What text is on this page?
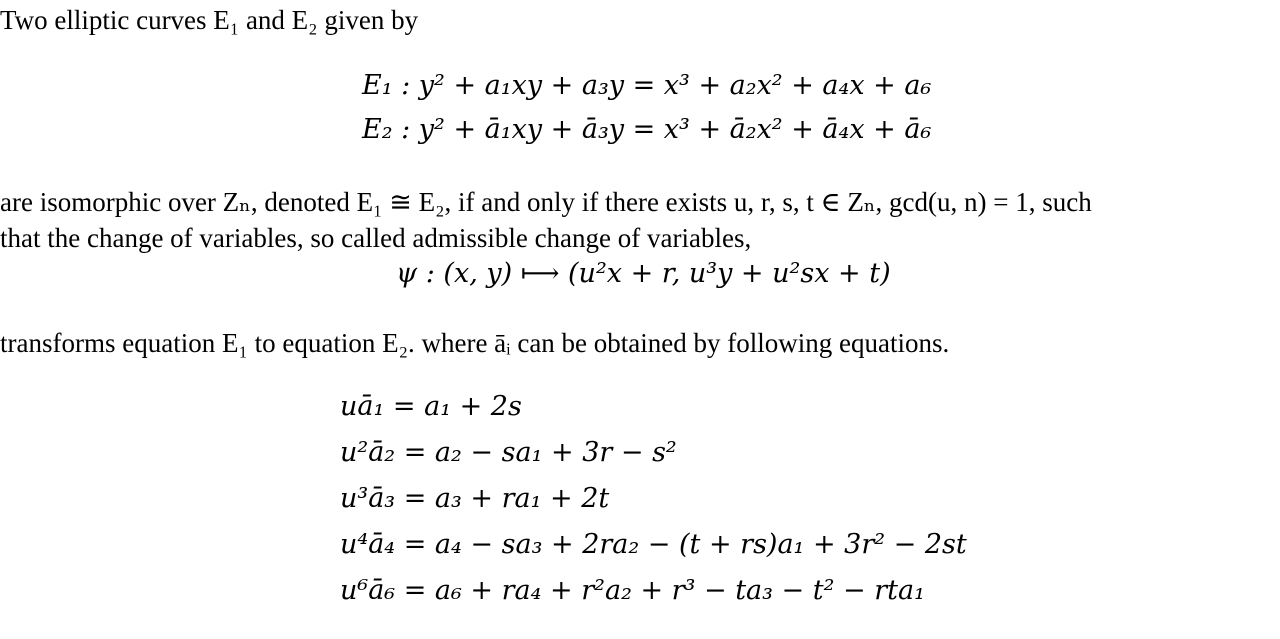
Two elliptic curves E₁ and E₂ given by
E₁ : y² + a₁xy + a₃y = x³ + a₂x² + a₄x + a₆
E₂ : y² + ā₁xy + ā₃y = x³ + ā₂x² + ā₄x + ā₆
are isomorphic over Zₙ, denoted E₁ ≅ E₂, if and only if there exists u, r, s, t ∈ Zₙ, gcd(u, n) = 1, such
that the change of variables, so called admissible change of variables,
ψ : (x, y) ⟼ (u²x + r, u³y + u²sx + t)
transforms equation E₁ to equation E₂. where āᵢ can be obtained by following equations.
uā₁ = a₁ + 2s
u²ā₂ = a₂ − sa₁ + 3r − s²
u³ā₃ = a₃ + ra₁ + 2t
u⁴ā₄ = a₄ − sa₃ + 2ra₂ − (t + rs)a₁ + 3r² − 2st
u⁶ā₆ = a₆ + ra₄ + r²a₂ + r³ − ta₃ − t² − rta₁
